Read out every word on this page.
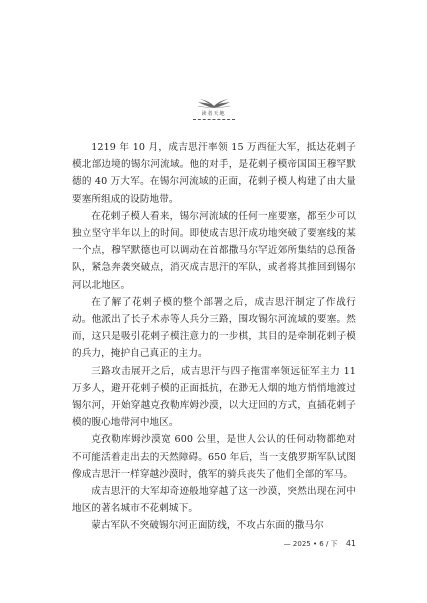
读者天地

1219 年 10 月，成吉思汗率领 15 万西征大军，抵达花剌子模北部边境的锡尔河流域。他的对手，是花剌子模帝国国王穆罕默德的 40 万大军。在锡尔河流域的正面，花剌子模人构建了由大量要塞所组成的设防地带。

在花剌子模人看来，锡尔河流域的任何一座要塞，都至少可以独立坚守半年以上的时间。即使成吉思汗成功地突破了要塞线的某一个点，穆罕默德也可以调动在首都撒马尔罕近郊所集结的总预备队，紧急奔袭突破点，消灭成吉思汗的军队，或者将其推回到锡尔河以北地区。

在了解了花剌子模的整个部署之后，成吉思汗制定了作战行动。他派出了长子术赤等人兵分三路，围攻锡尔河流域的要塞。然而，这只是吸引花剌子模注意力的一步棋，其目的是牵制花剌子模的兵力，掩护自己真正的主力。

三路攻击展开之后，成吉思汗与四子拖雷率领远征军主力 11 万多人，避开花剌子模的正面抵抗，在渺无人烟的地方悄悄地渡过锡尔河，开始穿越克孜勒库姆沙漠，以大迂回的方式，直插花剌子模的腹心地带河中地区。

克孜勒库姆沙漠宽 600 公里，是世人公认的任何动物都绝对不可能活着走出去的天然障碍。650 年后，当一支俄罗斯军队试图像成吉思汗一样穿越沙漠时，俄军的骑兵丧失了他们全部的军马。

成吉思汗的大军却奇迹般地穿越了这一沙漠，突然出现在河中地区的著名城市不花剌城下。

蒙古军队不突破锡尔河正面防线，不攻占东面的撒马尔

— 2025 • 6 / 下 41
